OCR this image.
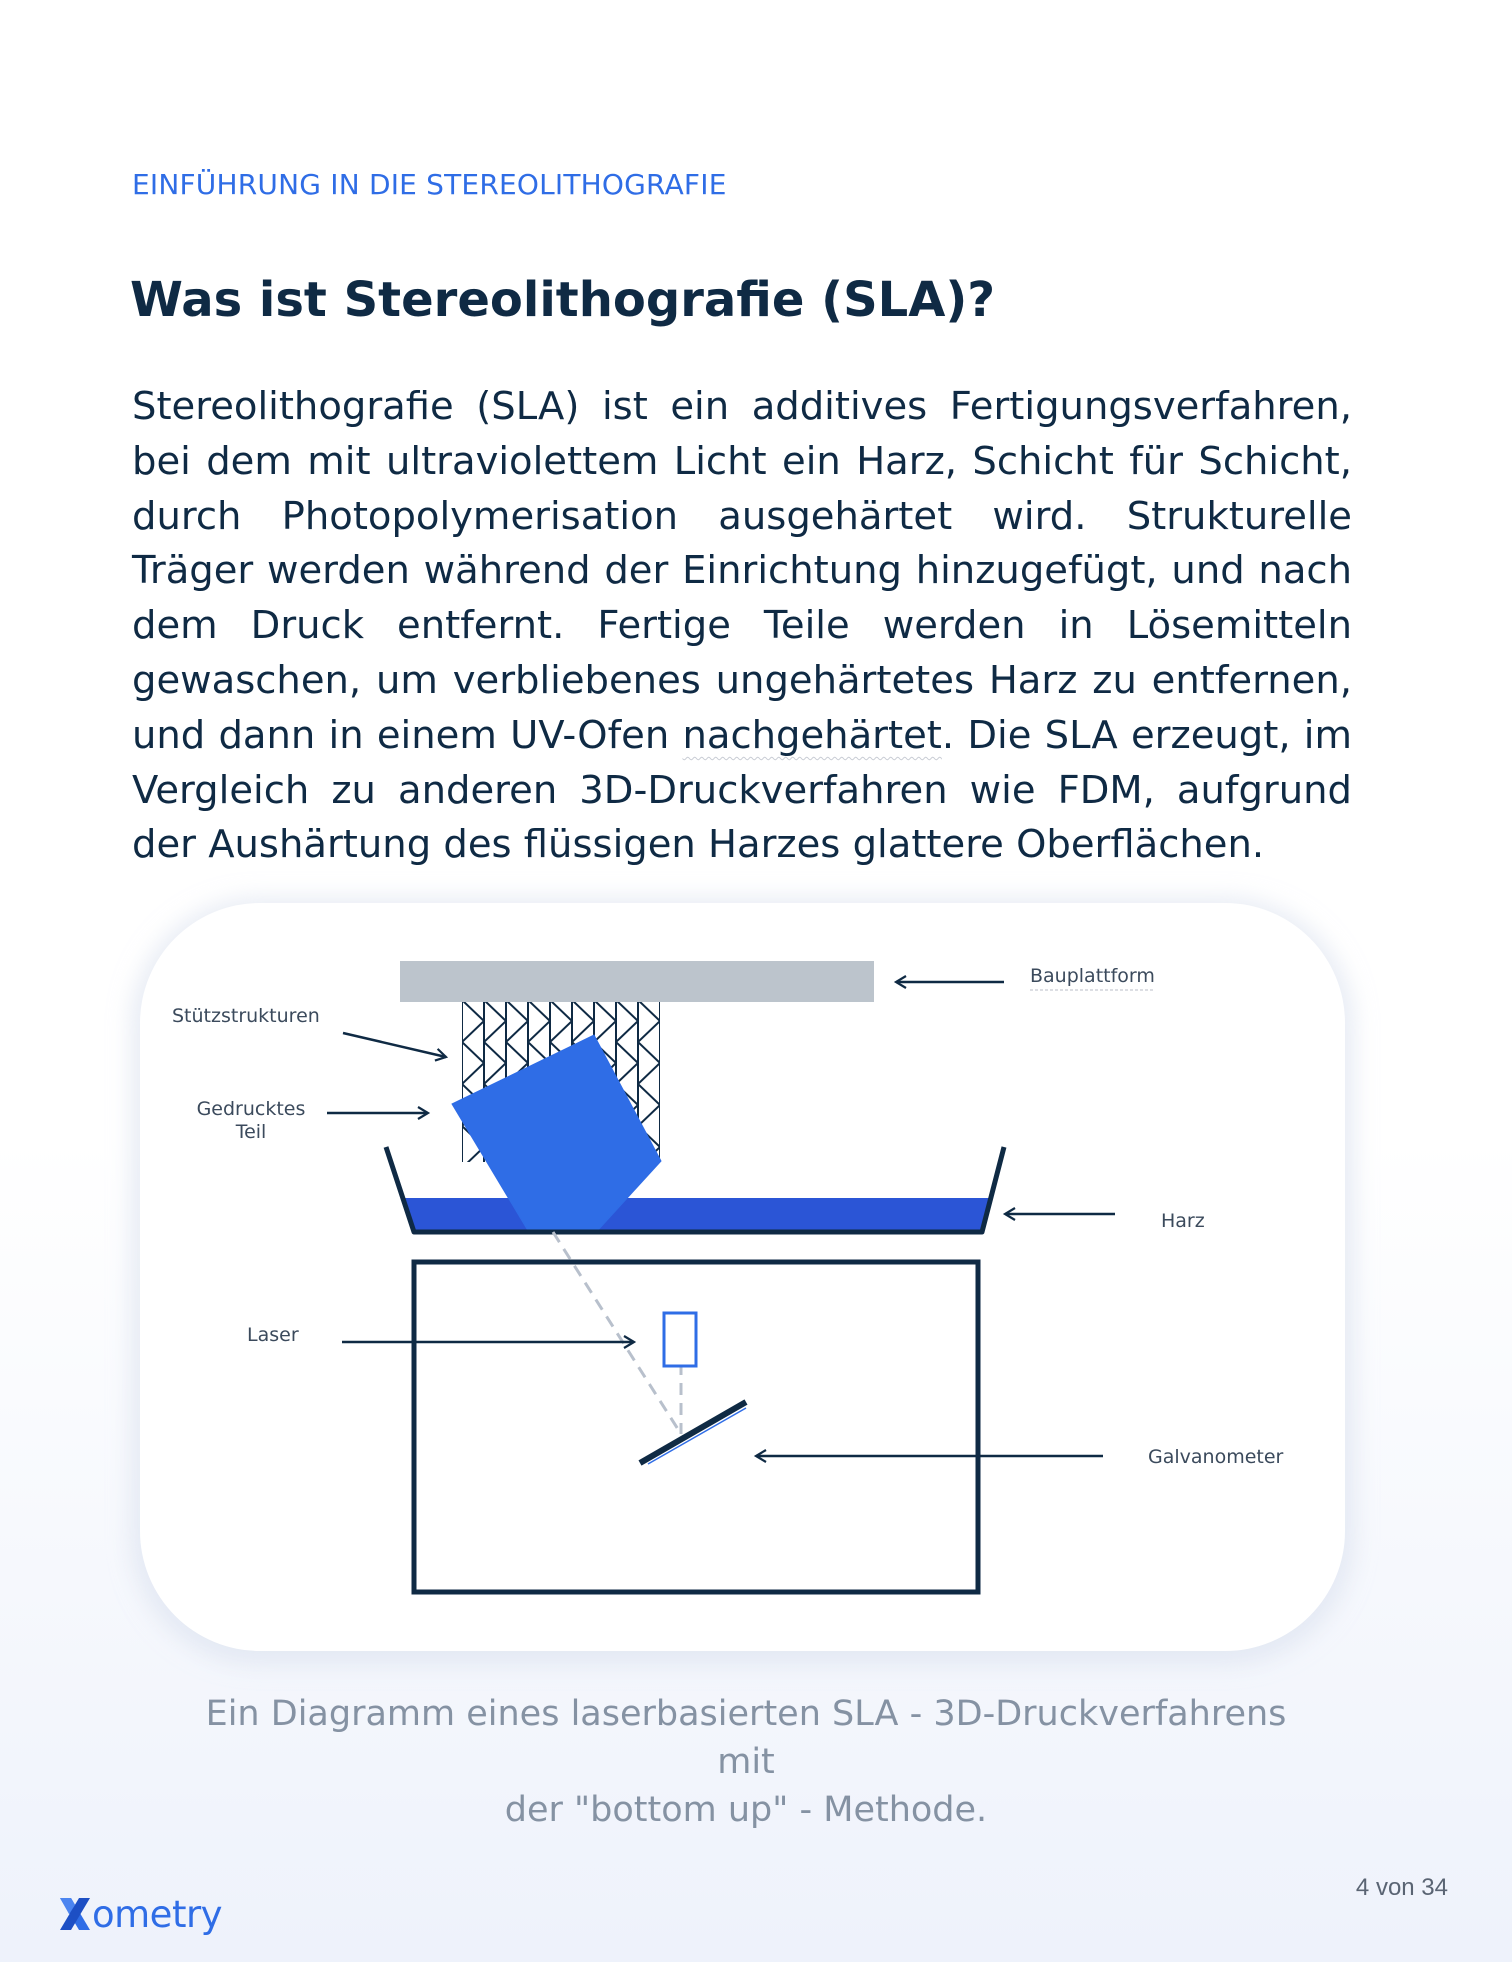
EINFÜHRUNG IN DIE STEREOLITHOGRAFIE
Was ist Stereolithografie (SLA)?

Stereolithografie (SLA) ist ein additives Fertigungsverfahren, bei dem mit ultraviolettem Licht ein Harz, Schicht für Schicht, durch Photopolymerisation ausgehärtet wird. Strukturelle Träger werden während der Einrichtung hinzugefügt, und nach dem Druck entfernt. Fertige Teile werden in Lösemitteln gewaschen, um verbliebenes ungehärtetes Harz zu entfernen, und dann in einem UV-Ofen nachgehärtet. Die SLA erzeugt, im Vergleich zu anderen 3D-Druckverfahren wie FDM, aufgrund der Aushärtung des flüssigen Harzes glattere Oberflächen.

Bauplattform
Stützstrukturen
Gedrucktes
Teil
Harz
Laser
Galvanometer
Ein Diagramm eines laserbasierten SLA - 3D-Druckverfahrens mit
der "bottom up" - Methode.
4 von 34
ometry
